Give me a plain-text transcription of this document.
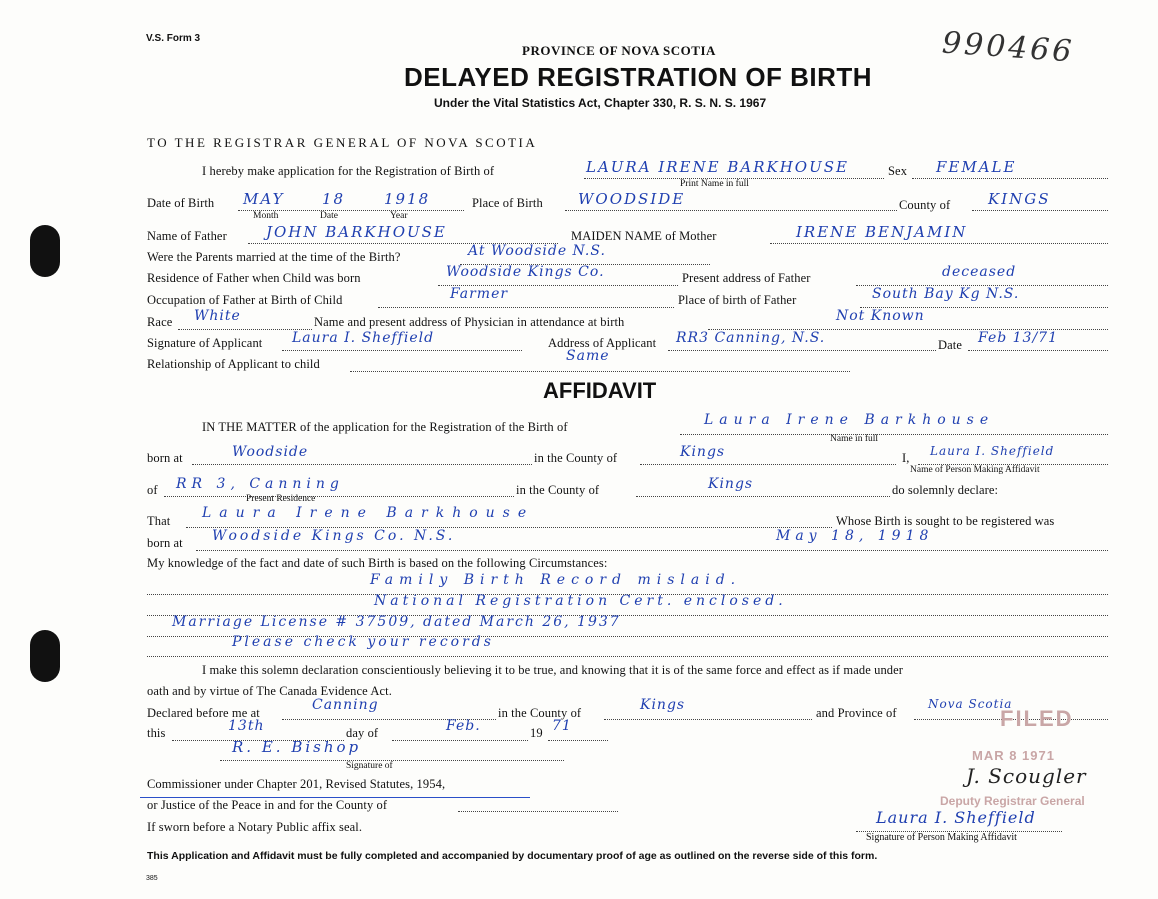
V.S. Form 3	990466
PROVINCE OF NOVA SCOTIA
DELAYED REGISTRATION OF BIRTH
Under the Vital Statistics Act, Chapter 330, R. S. N. S. 1967
TO THE REGISTRAR GENERAL OF NOVA SCOTIA
I hereby make application for the Registration of Birth of	LAURA IRENE BARKHOUSE
Print Name in full
Sex FEMALE
Date of Birth MAY	18	1918
Month	Date	Year
Place of Birth WOODSIDE	County of	KINGS
Name of Father	JOHN BARKHOUSE	MAIDEN NAME of Mother	IRENE BENJAMIN
Were the Parents married at the time of the Birth?	At Woodside N.S.
Residence of Father when Child was born	Woodside Kings Co.	Present address of Father	deceased
Occupation of Father at Birth of Child	Farmer	Place of birth of Father	South Bay Kg N.S.
Race White	Name and present address of Physician in attendance at birth	Not Known
Signature of Applicant Laura I. Sheffield	Address of Applicant RR3 Canning, N.S.	Date Feb 13/71
Relationship of Applicant to child	Same
AFFIDAVIT
IN THE MATTER of the application for the Registration of the Birth of	Laura Irene Barkhouse
Name in full
born at	Woodside	in the County of	Kings	I, Laura I. Sheffield
Name of Person Making Affidavit
of RR 3, Canning
Present Residence
in the County of	Kings	do solemnly declare:
That Laura Irene Barkhouse	Whose Birth is sought to be registered was
born at Woodside Kings Co. N.S.	May 18, 1918
My knowledge of the fact and date of such Birth is based on the following Circumstances:
Family Birth Record mislaid.
National Registration Cert. enclosed.
Marriage License # 37509, dated March 26, 1937
Please check your records
I make this solemn declaration conscientiously believing it to be true, and knowing that it is of the same force and effect as if made under
oath and by virtue of The Canada Evidence Act.
Declared before me at	Canning	in the County of	Kings	and Province of
Nova Scotia
this	13th	day of	Feb.	19 71
R. E. Bishop
Signature of
Commissioner under Chapter 201, Revised Statutes, 1954,
or Justice of the Peace in and for the County of
If sworn before a Notary Public affix seal.
FILED
MAR 8 1971
J. Scougler
Deputy Registrar General
Laura I. Sheffield
Signature of Person Making Affidavit
This Application and Affidavit must be fully completed and accompanied by documentary proof of age as outlined on the reverse side of this form.
385
